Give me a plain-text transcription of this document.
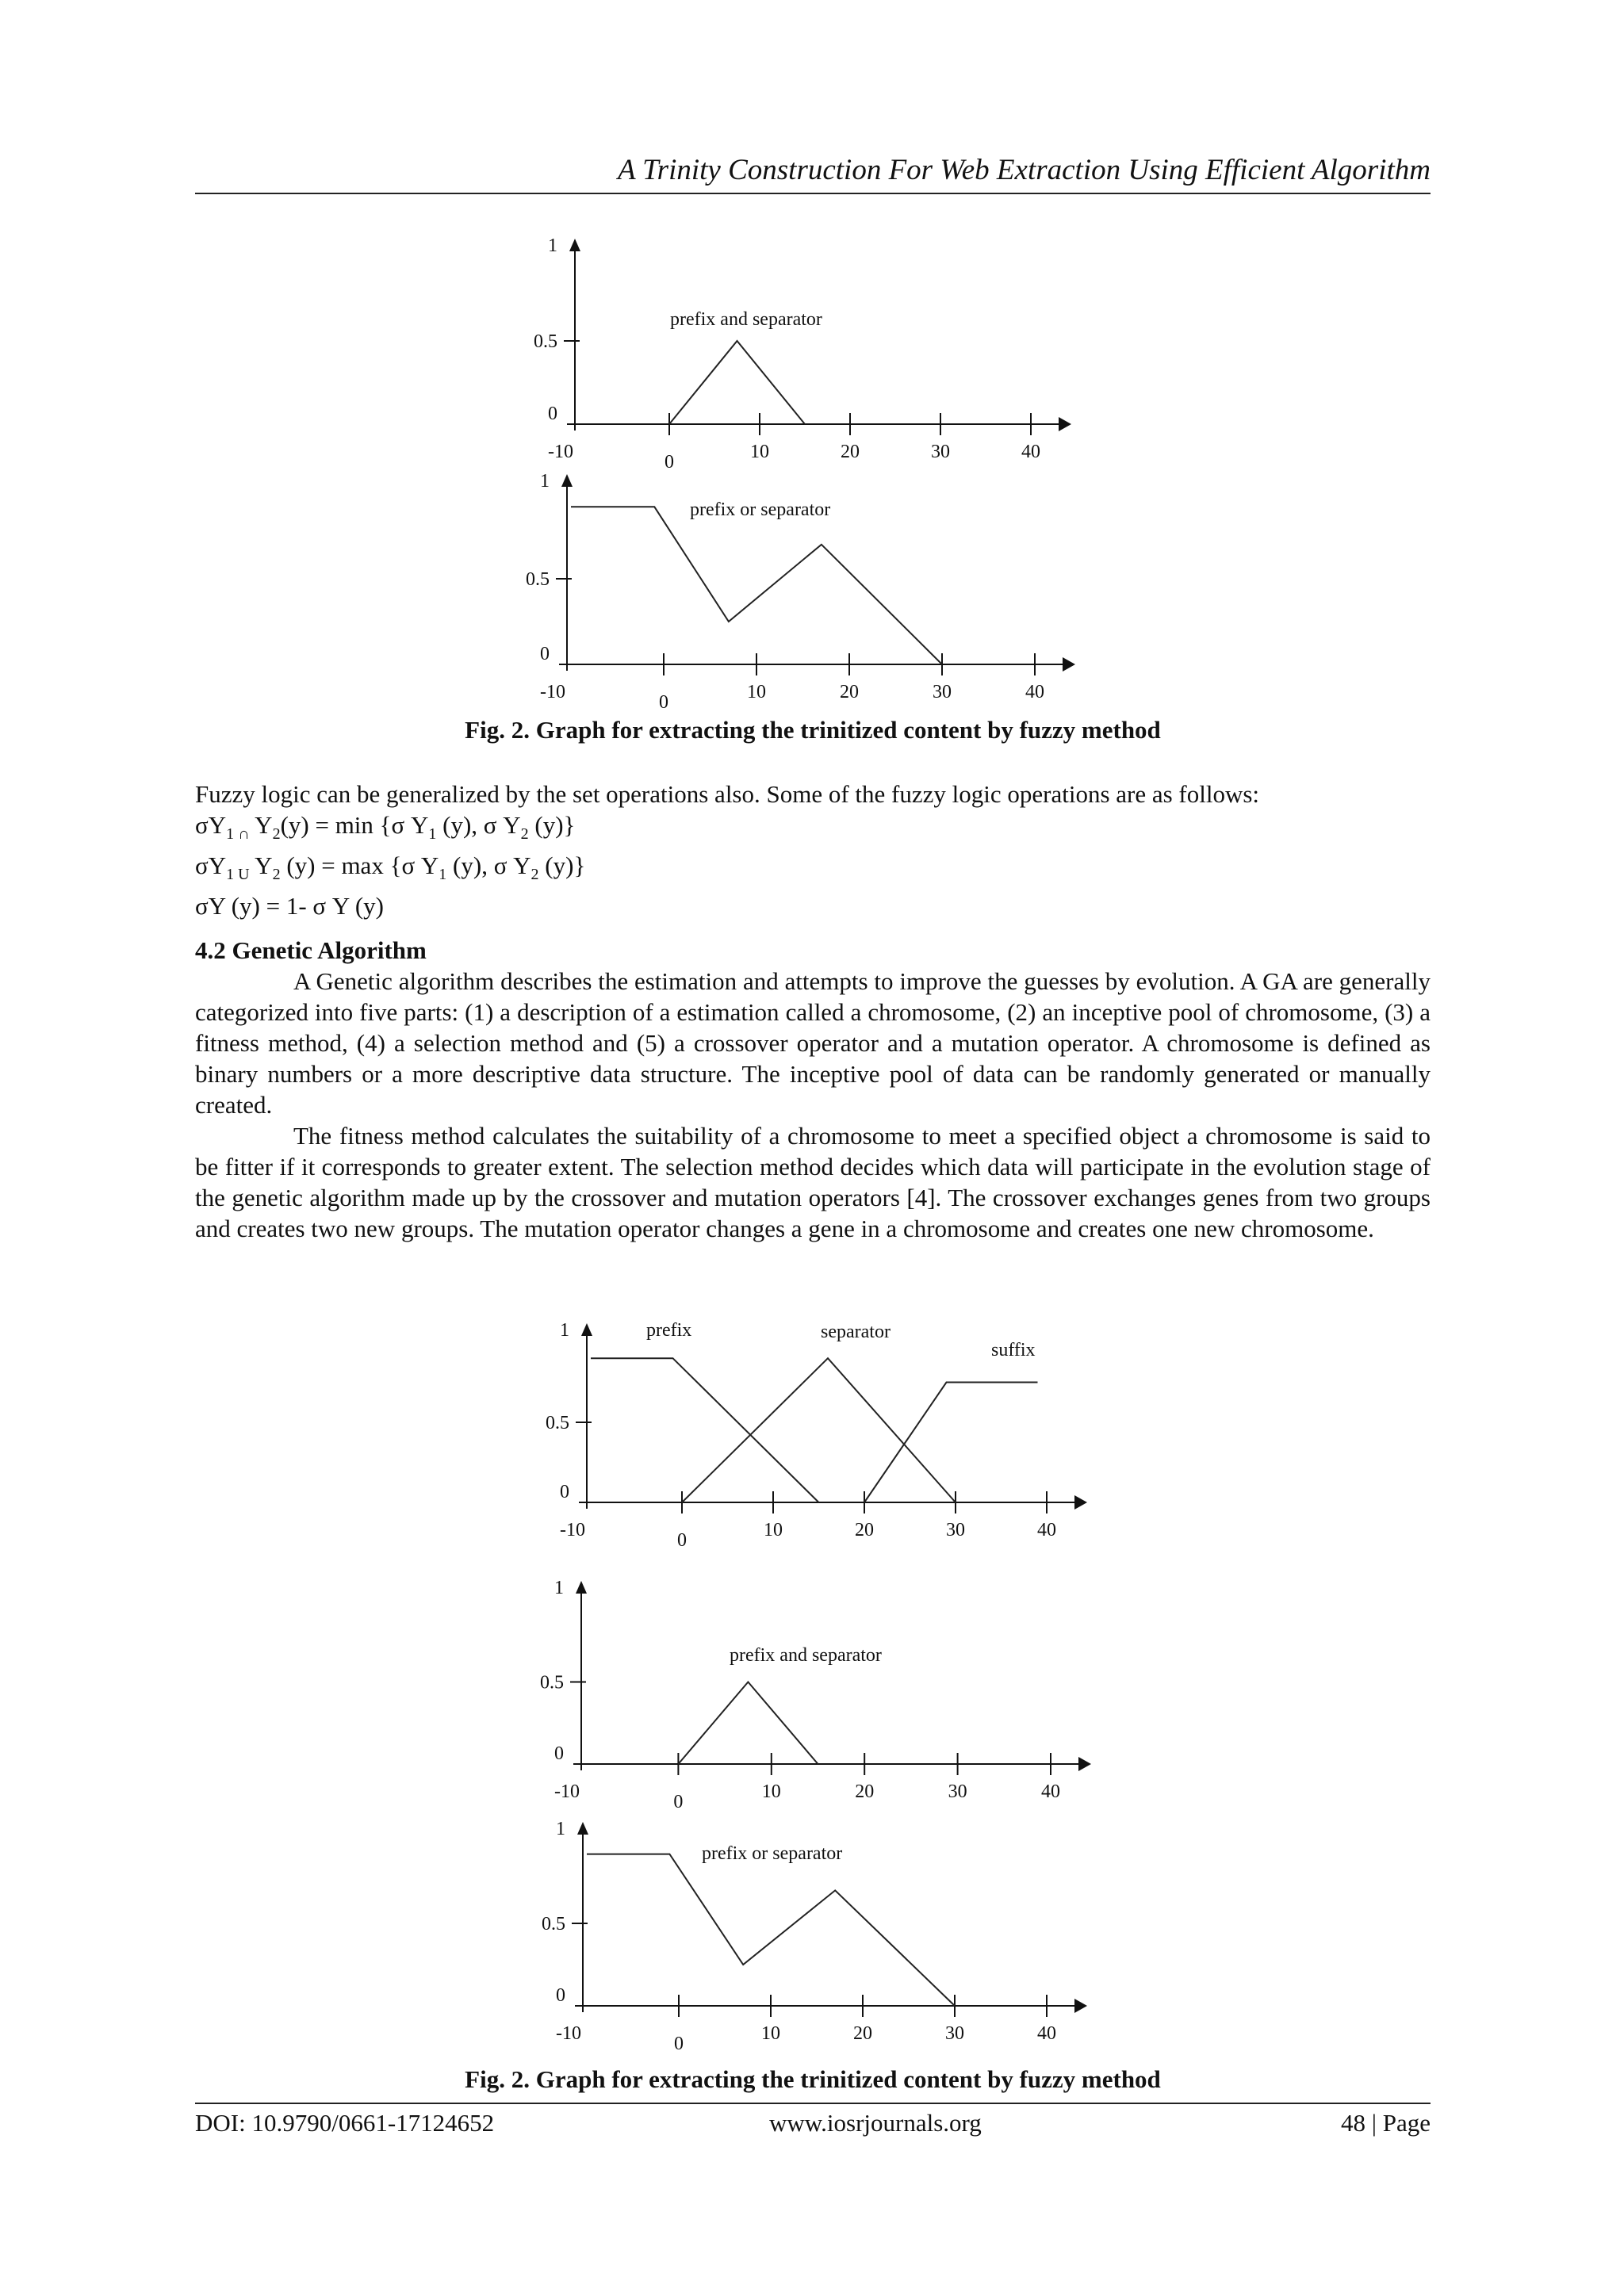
A Trinity Construction For Web Extraction Using Efficient Algorithm
-10	0	10	20	30	40
0
0.5
1
prefix and separator
-10	0	10	20	30	40
0
0.5
1
prefix or separator
Fig. 2. Graph for extracting the trinitized content by fuzzy method

Fuzzy logic can be generalized by the set operations also. Some of the fuzzy logic operations are as follows:

$\sigma Y_{1 \cap}$ $Y_2(y) = \min \{\sigma$ $Y_1$ (y), σ $Y_2$ (y)}

$\sigma Y_{1 U}$ $Y_2$ (y) = max {σ $Y_1$ (y), σ $Y_2$ (y)}

σY (y) = 1- σ Y (y)

4.2 Genetic Algorithm

A Genetic algorithm describes the estimation and attempts to improve the guesses by evolution. A GA are generally categorized into five parts: (1) a description of a estimation called a chromosome, (2) an inceptive pool of chromosome, (3) a fitness method, (4) a selection method and (5) a crossover operator and a mutation operator. A chromosome is defined as binary numbers or a more descriptive data structure. The inceptive pool of data can be randomly generated or manually created.

The fitness method calculates the suitability of a chromosome to meet a specified object a chromosome is said to be fitter if it corresponds to greater extent. The selection method decides which data will participate in the evolution stage of the genetic algorithm made up by the crossover and mutation operators [4]. The crossover exchanges genes from two groups and creates two new groups. The mutation operator changes a gene in a chromosome and creates one new chromosome.

-10	0	10	20	30	40
0
0.5
1	prefix	separator
suffix
-10	0	10	20	30	40
0
0.5
1
prefix and separator
-10	0	10	20	30	40
0
0.5
1
prefix or separator
Fig. 2. Graph for extracting the trinitized content by fuzzy method
DOI: 10.9790/0661-17124652	www.iosrjournals.org	48 | Page
